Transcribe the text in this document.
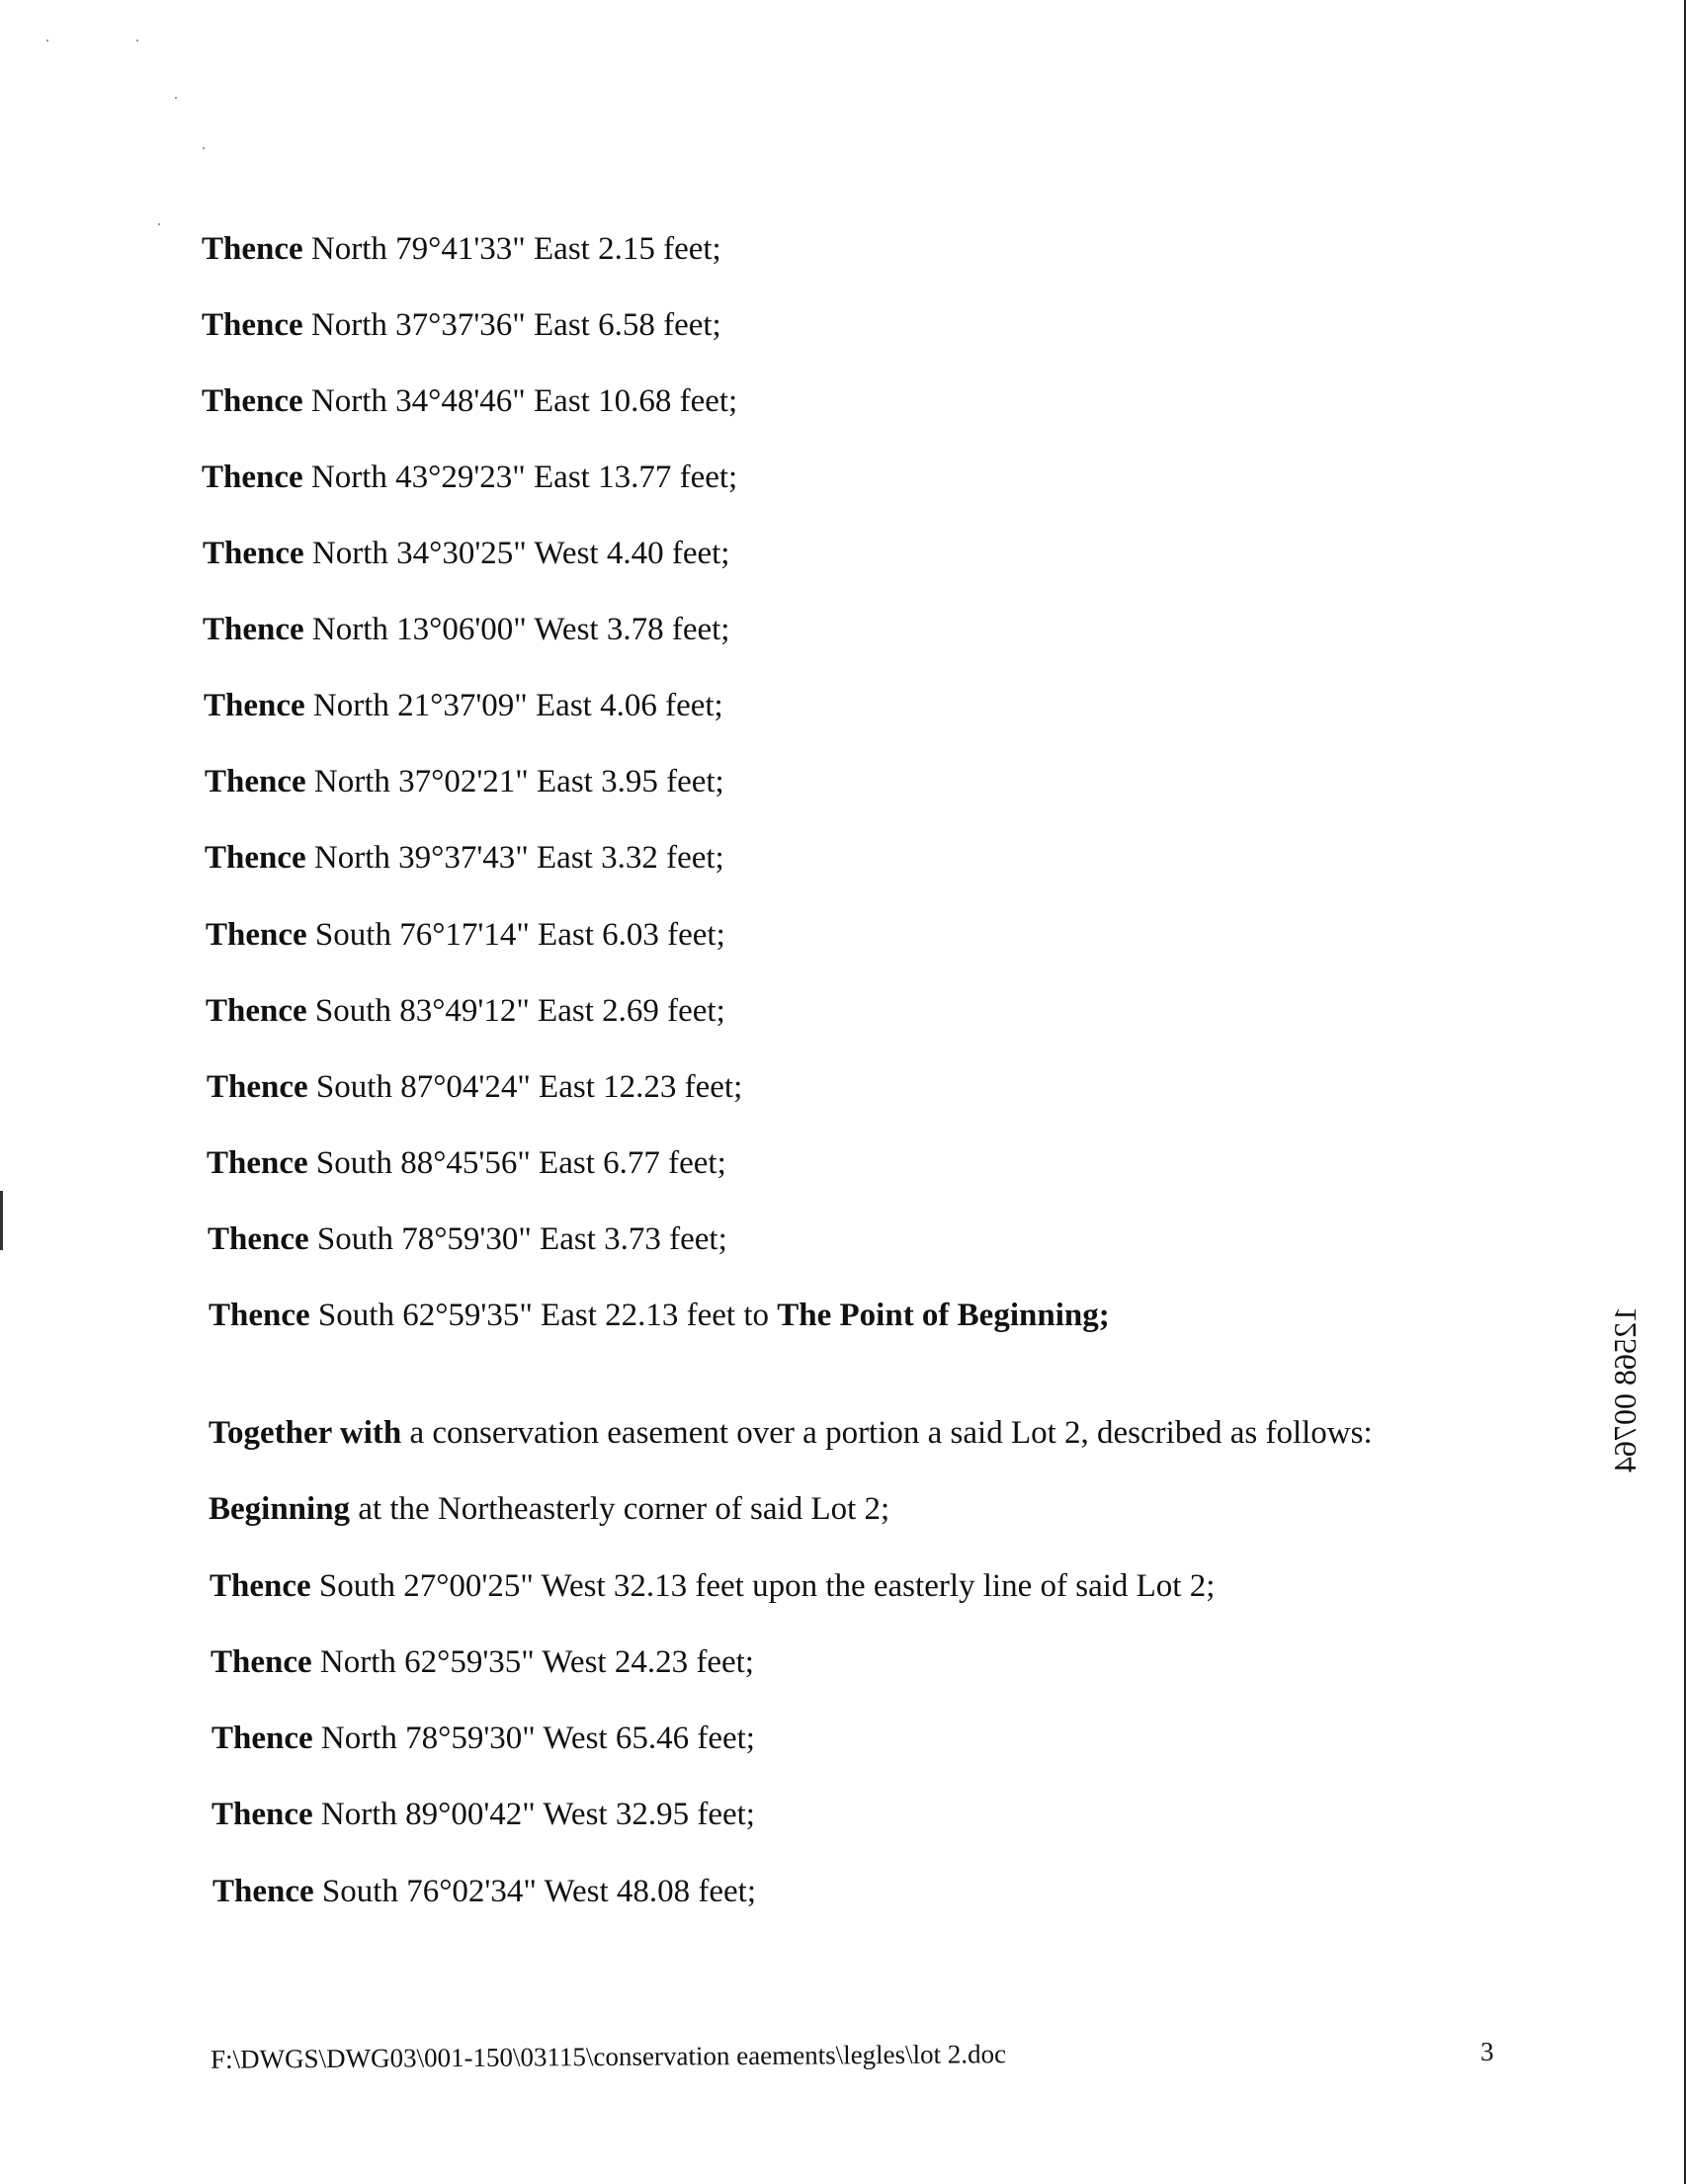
Thence North 79°41'33" East 2.15 feet;
Thence North 37°37'36" East 6.58 feet;
Thence North 34°48'46" East 10.68 feet;
Thence North 43°29'23" East 13.77 feet;
Thence North 34°30'25" West 4.40 feet;
Thence North 13°06'00" West 3.78 feet;
Thence North 21°37'09" East 4.06 feet;
Thence North 37°02'21" East 3.95 feet;
Thence North 39°37'43" East 3.32 feet;
Thence South 76°17'14" East 6.03 feet;
Thence South 83°49'12" East 2.69 feet;
Thence South 87°04'24" East 12.23 feet;
Thence South 88°45'56" East 6.77 feet;
Thence South 78°59'30" East 3.73 feet;
Thence South 62°59'35" East 22.13 feet to The Point of Beginning;
Together with a conservation easement over a portion a said Lot 2, described as follows:
Beginning at the Northeasterly corner of said Lot 2;
Thence South 27°00'25" West 32.13 feet upon the easterly line of said Lot 2;
Thence North 62°59'35" West 24.23 feet;
Thence North 78°59'30" West 65.46 feet;
Thence North 89°00'42" West 32.95 feet;
Thence South 76°02'34" West 48.08 feet;
12568 00764
F:\DWGS\DWG03\001-150\03115\conservation eaements\legles\lot 2.doc	3
